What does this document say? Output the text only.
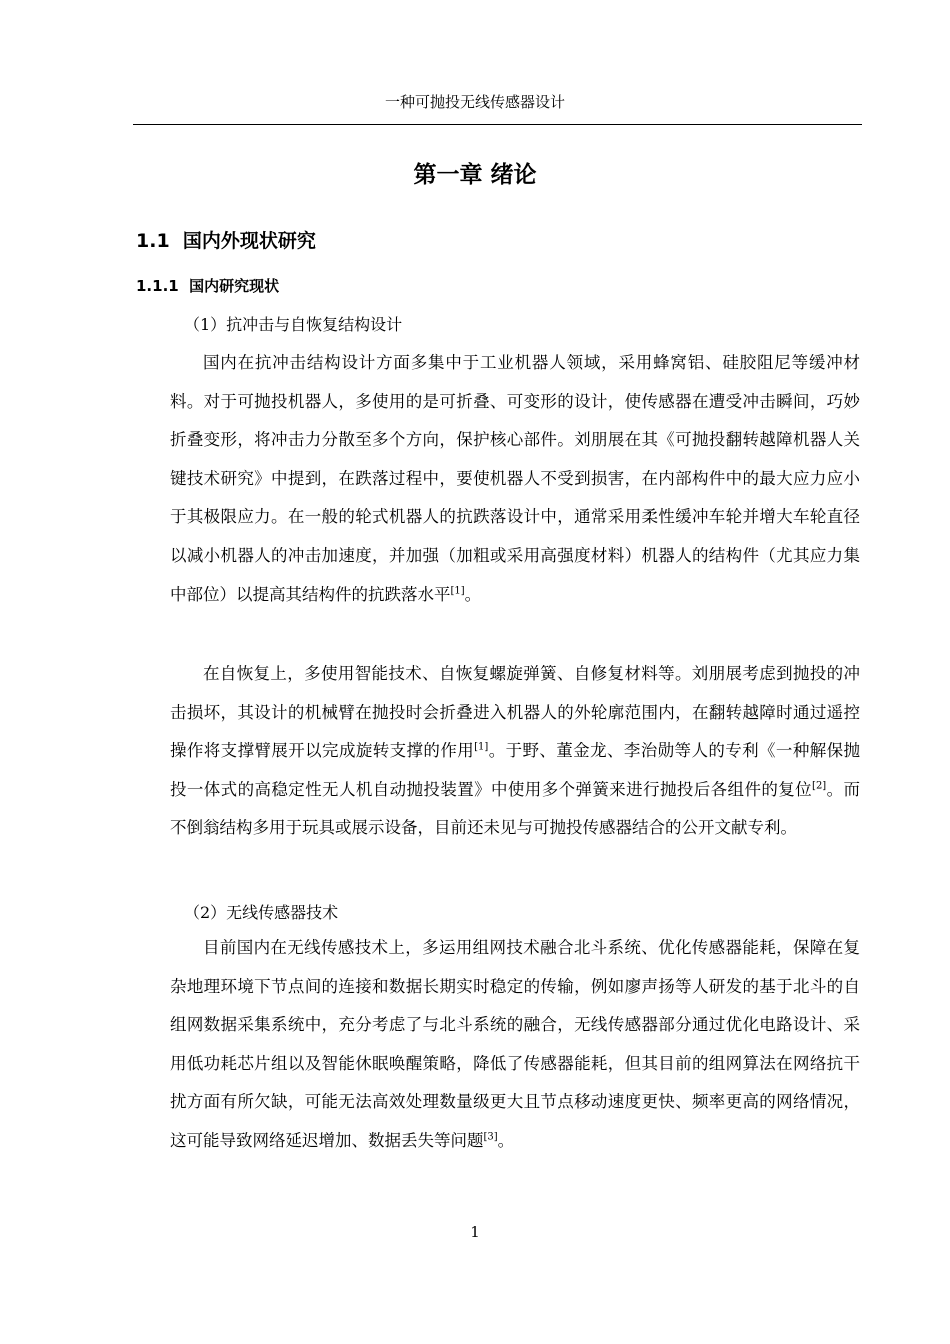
一种可抛投无线传感器设计
第一章 绪论
1.1 国内外现状研究
1.1.1 国内研究现状
（1）抗冲击与自恢复结构设计

国内在抗冲击结构设计方面多集中于工业机器人领域，采用蜂窝铝、硅胶阻尼等缓冲材料。对于可抛投机器人，多使用的是可折叠、可变形的设计，使传感器在遭受冲击瞬间，巧妙折叠变形，将冲击力分散至多个方向，保护核心部件。刘朋展在其《可抛投翻转越障机器人关键技术研究》中提到，在跌落过程中，要使机器人不受到损害，在内部构件中的最大应力应小于其极限应力。在一般的轮式机器人的抗跌落设计中，通常采用柔性缓冲车轮并增大车轮直径以减小机器人的冲击加速度，并加强（加粗或采用高强度材料）机器人的结构件（尤其应力集中部位）以提高其结构件的抗跌落水平[1]。

在自恢复上，多使用智能技术、自恢复螺旋弹簧、自修复材料等。刘朋展考虑到抛投的冲击损坏，其设计的机械臂在抛投时会折叠进入机器人的外轮廓范围内，在翻转越障时通过遥控操作将支撑臂展开以完成旋转支撑的作用[1]。于野、董金龙、李治勋等人的专利《一种解保抛投一体式的高稳定性无人机自动抛投装置》中使用多个弹簧来进行抛投后各组件的复位[2]。而不倒翁结构多用于玩具或展示设备，目前还未见与可抛投传感器结合的公开文献专利。

（2）无线传感器技术

目前国内在无线传感技术上，多运用组网技术融合北斗系统、优化传感器能耗，保障在复杂地理环境下节点间的连接和数据长期实时稳定的传输，例如廖声扬等人研发的基于北斗的自组网数据采集系统中，充分考虑了与北斗系统的融合，无线传感器部分通过优化电路设计、采用低功耗芯片组以及智能休眠唤醒策略，降低了传感器能耗，但其目前的组网算法在网络抗干扰方面有所欠缺，可能无法高效处理数量级更大且节点移动速度更快、频率更高的网络情况，这可能导致网络延迟增加、数据丢失等问题[3]。

1
